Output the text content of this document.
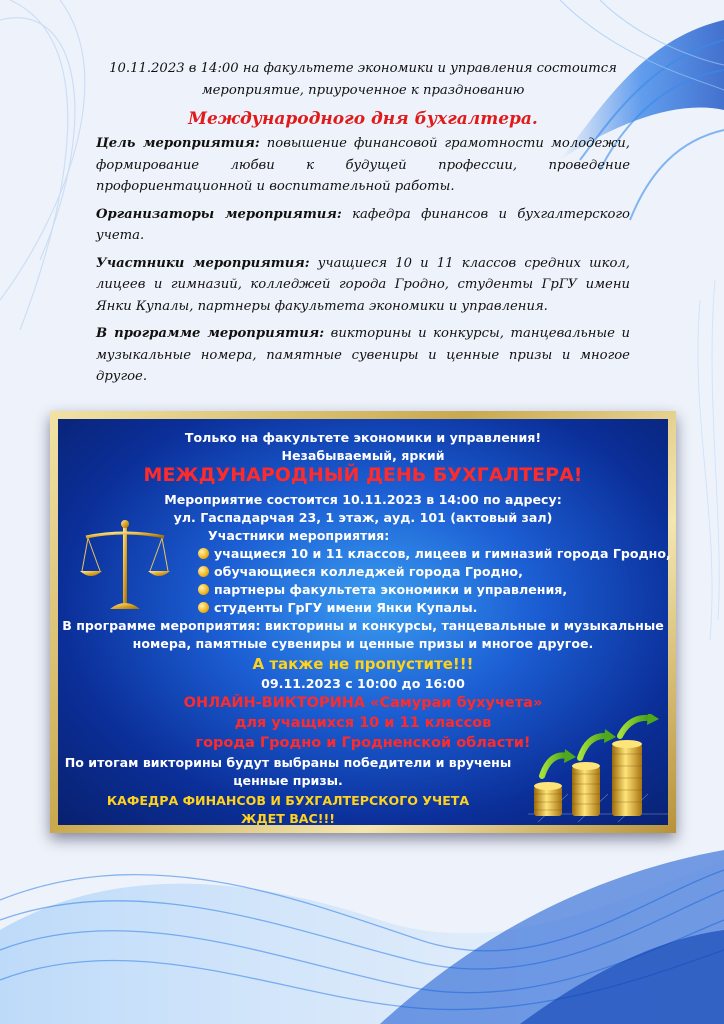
10.11.2023 в 14:00 на факультете экономики и управления состоится

мероприятие, приуроченное к празднованию

Международного дня бухгалтера.

Цель мероприятия: повышение финансовой грамотности молодежи, формирование любви к будущей профессии, проведение профориентационной и воспитательной работы.

Организаторы мероприятия: кафедра финансов и бухгалтерского учета.

Участники мероприятия: учащиеся 10 и 11 классов средних школ, лицеев и гимназий, колледжей города Гродно, студенты ГрГУ имени Янки Купалы, партнеры факультета экономики и управления.

В программе мероприятия: викторины и конкурсы, танцевальные и музыкальные номера, памятные сувениры и ценные призы и многое другое.

Только на факультете экономики и управления!
Незабываемый, яркий
МЕЖДУНАРОДНЫЙ ДЕНЬ БУХГАЛТЕРА!
Мероприятие состоится 10.11.2023 в 14:00 по адресу:
ул. Гаспадарчая 23, 1 этаж, ауд. 101 (актовый зал)
Участники мероприятия:
учащиеся 10 и 11 классов, лицеев и гимназий города Гродно,
обучающиеся колледжей города Гродно,
партнеры факультета экономики и управления,
студенты ГрГУ имени Янки Купалы.
В программе мероприятия: викторины и конкурсы, танцевальные и музыкальные
номера, памятные сувениры и ценные призы и многое другое.
А также не пропустите!!!
09.11.2023 с 10:00 до 16:00
ОНЛАЙН-ВИКТОРИНА «Самураи бухучета»
для учащихся 10 и 11 классов
города Гродно и Гродненской области!
По итогам викторины будут выбраны победители и вручены
ценные призы.
КАФЕДРА ФИНАНСОВ И БУХГАЛТЕРСКОГО УЧЕТА
ЖДЕТ ВАС!!!
